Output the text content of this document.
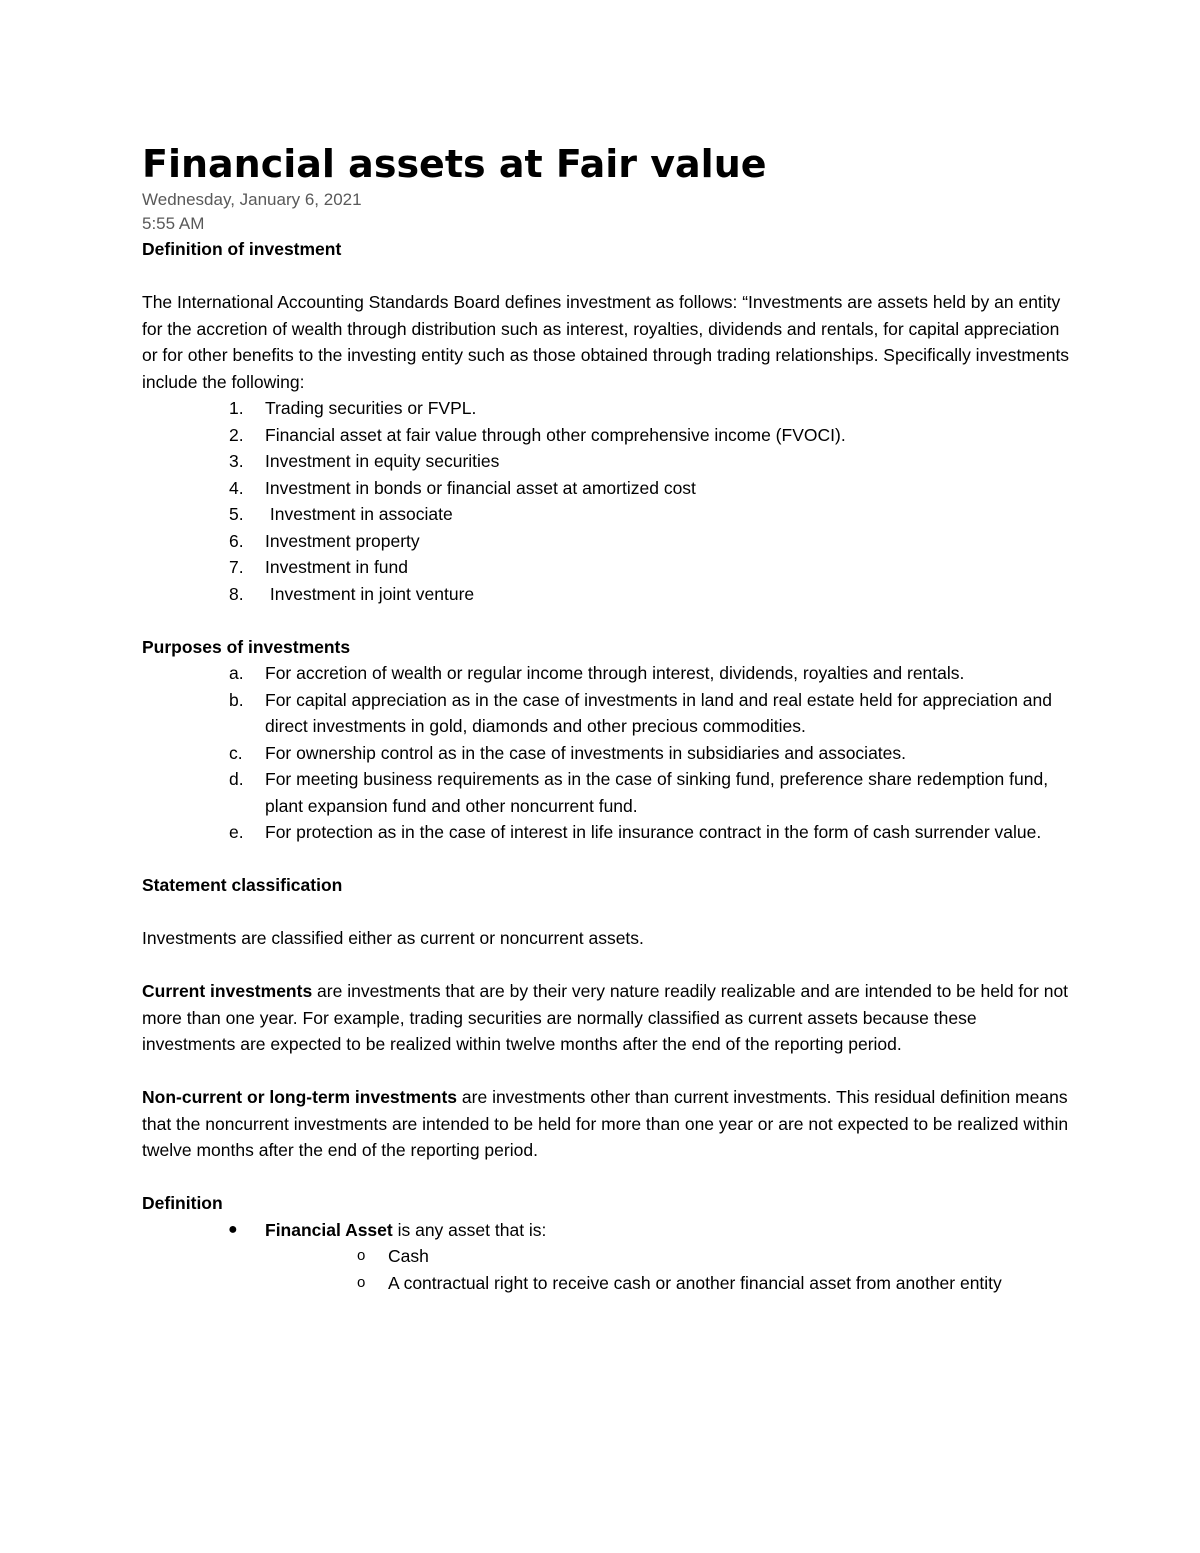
Financial assets at Fair value
Wednesday, January 6, 2021
5:55 AM

Definition of investment

The International Accounting Standards Board defines investment as follows: “Investments are assets held by an entity for the accretion of wealth through distribution such as interest, royalties, dividends and rentals, for capital appreciation or for other benefits to the investing entity such as those obtained through trading relationships. Specifically investments include the following:

1.	Trading securities or FVPL.
2.	Financial asset at fair value through other comprehensive income (FVOCI).
3.	Investment in equity securities
4.	Investment in bonds or financial asset at amortized cost
5.	Investment in associate
6.	Investment property
7.	Investment in fund
8.	Investment in joint venture

Purposes of investments

a.	For accretion of wealth or regular income through interest, dividends, royalties and rentals.
b.	For capital appreciation as in the case of investments in land and real estate held for appreciation and direct investments in gold, diamonds and other precious commodities.
c.	For ownership control as in the case of investments in subsidiaries and associates.
d.	For meeting business requirements as in the case of sinking fund, preference share redemption fund, plant expansion fund and other noncurrent fund.
e.	For protection as in the case of interest in life insurance contract in the form of cash surrender value.

Statement classification

Investments are classified either as current or noncurrent assets.

Current investments are investments that are by their very nature readily realizable and are intended to be held for not more than one year. For example, trading securities are normally classified as current assets because these investments are expected to be realized within twelve months after the end of the reporting period.

Non-current or long-term investments are investments other than current investments. This residual definition means that the noncurrent investments are intended to be held for more than one year or are not expected to be realized within twelve months after the end of the reporting period.

Definition

● Financial Asset is any asset that is:
o Cash
o A contractual right to receive cash or another financial asset from another entity
